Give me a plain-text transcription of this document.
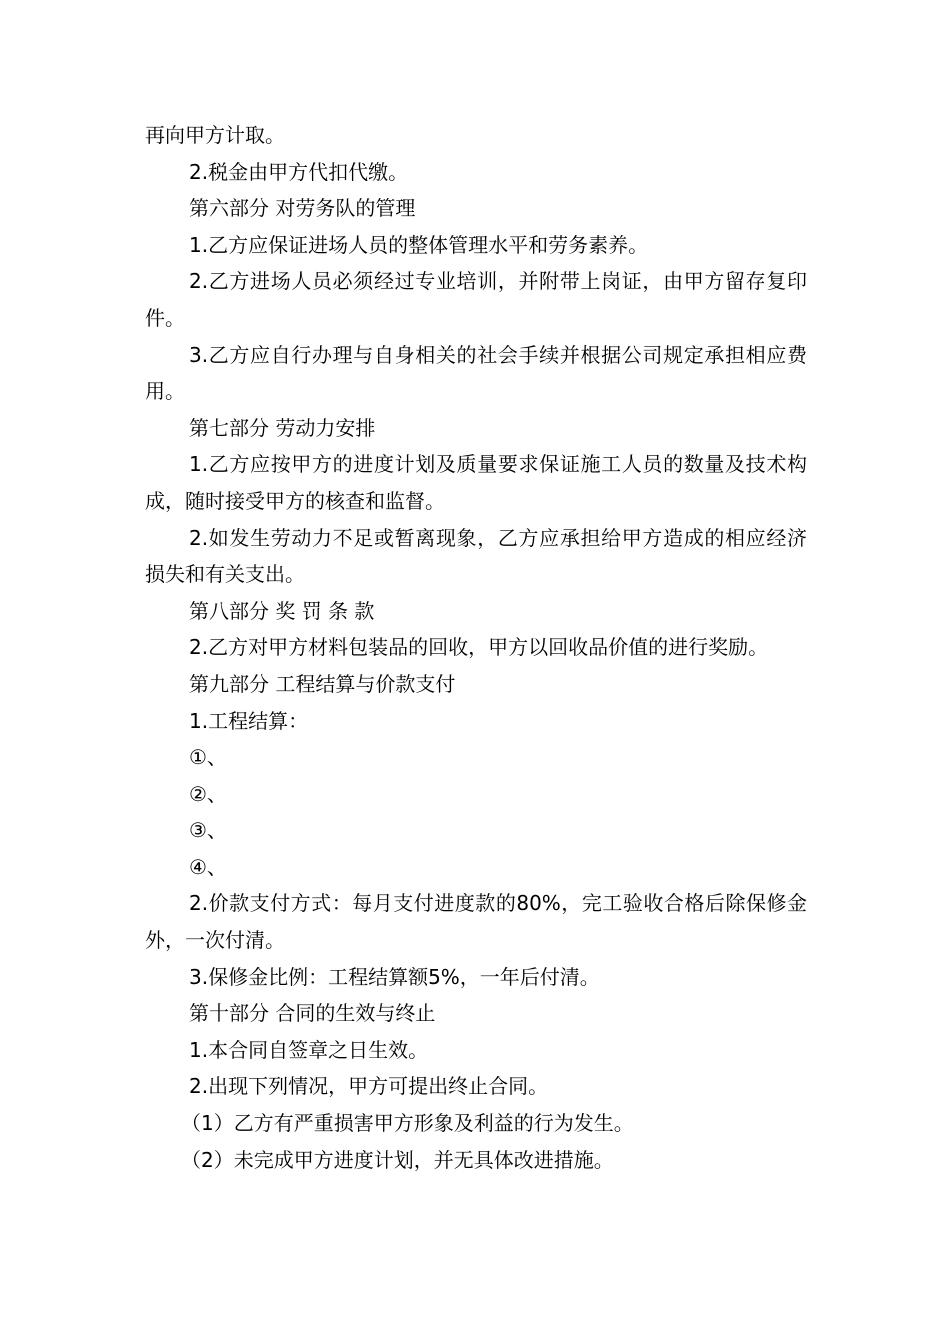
再向甲方计取。

2.税金由甲方代扣代缴。

第六部分 对劳务队的管理

1.乙方应保证进场人员的整体管理水平和劳务素养。

2.乙方进场人员必须经过专业培训，并附带上岗证，由甲方留存复印件。

3.乙方应自行办理与自身相关的社会手续并根据公司规定承担相应费用。

第七部分 劳动力安排

1.乙方应按甲方的进度计划及质量要求保证施工人员的数量及技术构成，随时接受甲方的核查和监督。

2.如发生劳动力不足或暂离现象，乙方应承担给甲方造成的相应经济损失和有关支出。

第八部分 奖 罚 条 款

2.乙方对甲方材料包装品的回收，甲方以回收品价值的进行奖励。

第九部分 工程结算与价款支付

1.工程结算：

①、

②、

③、

④、

2.价款支付方式：每月支付进度款的80%，完工验收合格后除保修金外，一次付清。

3.保修金比例：工程结算额5%，一年后付清。

第十部分 合同的生效与终止

1.本合同自签章之日生效。

2.出现下列情况，甲方可提出终止合同。

（1）乙方有严重损害甲方形象及利益的行为发生。

（2）未完成甲方进度计划，并无具体改进措施。
